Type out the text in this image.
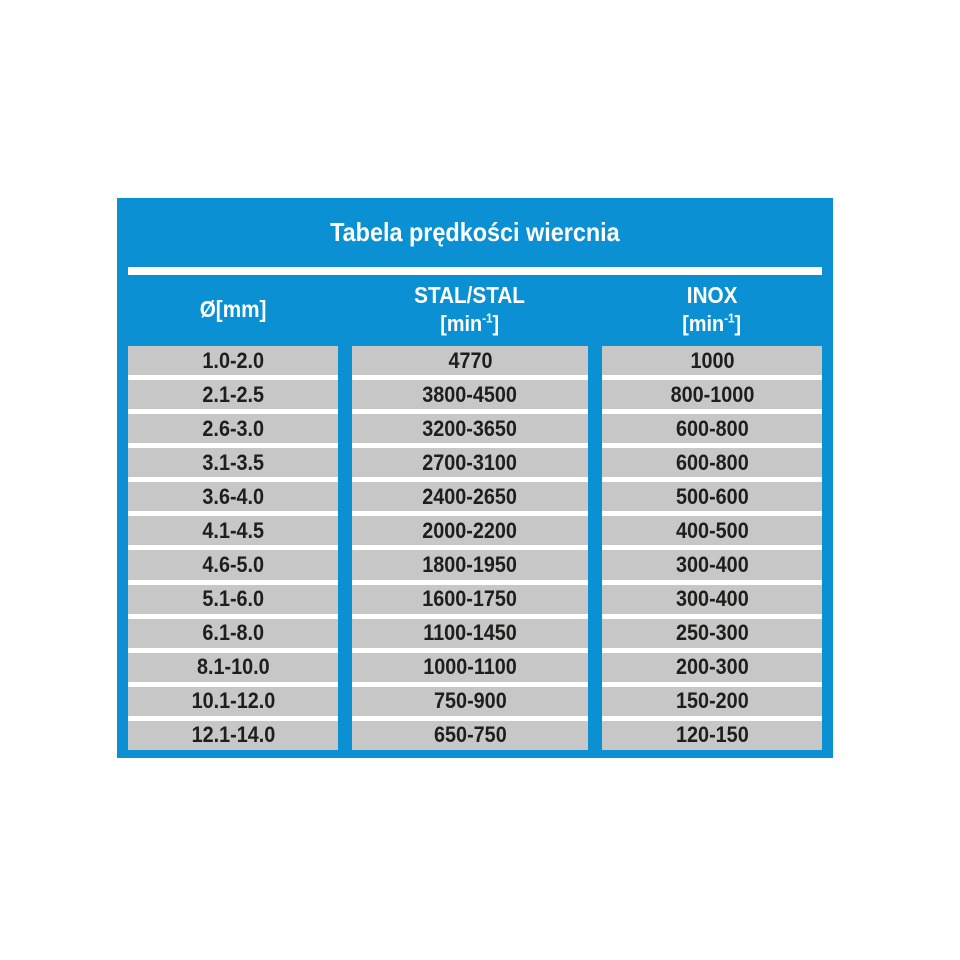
Tabela prędkości wiercnia
Ø[mm]
STAL/STAL
$[\min^{-1}]$
INOX
$[\min^{-1}]$
1.0-2.0
2.1-2.5
2.6-3.0
3.1-3.5
3.6-4.0
4.1-4.5
4.6-5.0
5.1-6.0
6.1-8.0
8.1-10.0
10.1-12.0
12.1-14.0
4770
3800-4500
3200-3650
2700-3100
2400-2650
2000-2200
1800-1950
1600-1750
1100-1450
1000-1100
750-900
650-750
1000
800-1000
600-800
600-800
500-600
400-500
300-400
300-400
250-300
200-300
150-200
120-150
